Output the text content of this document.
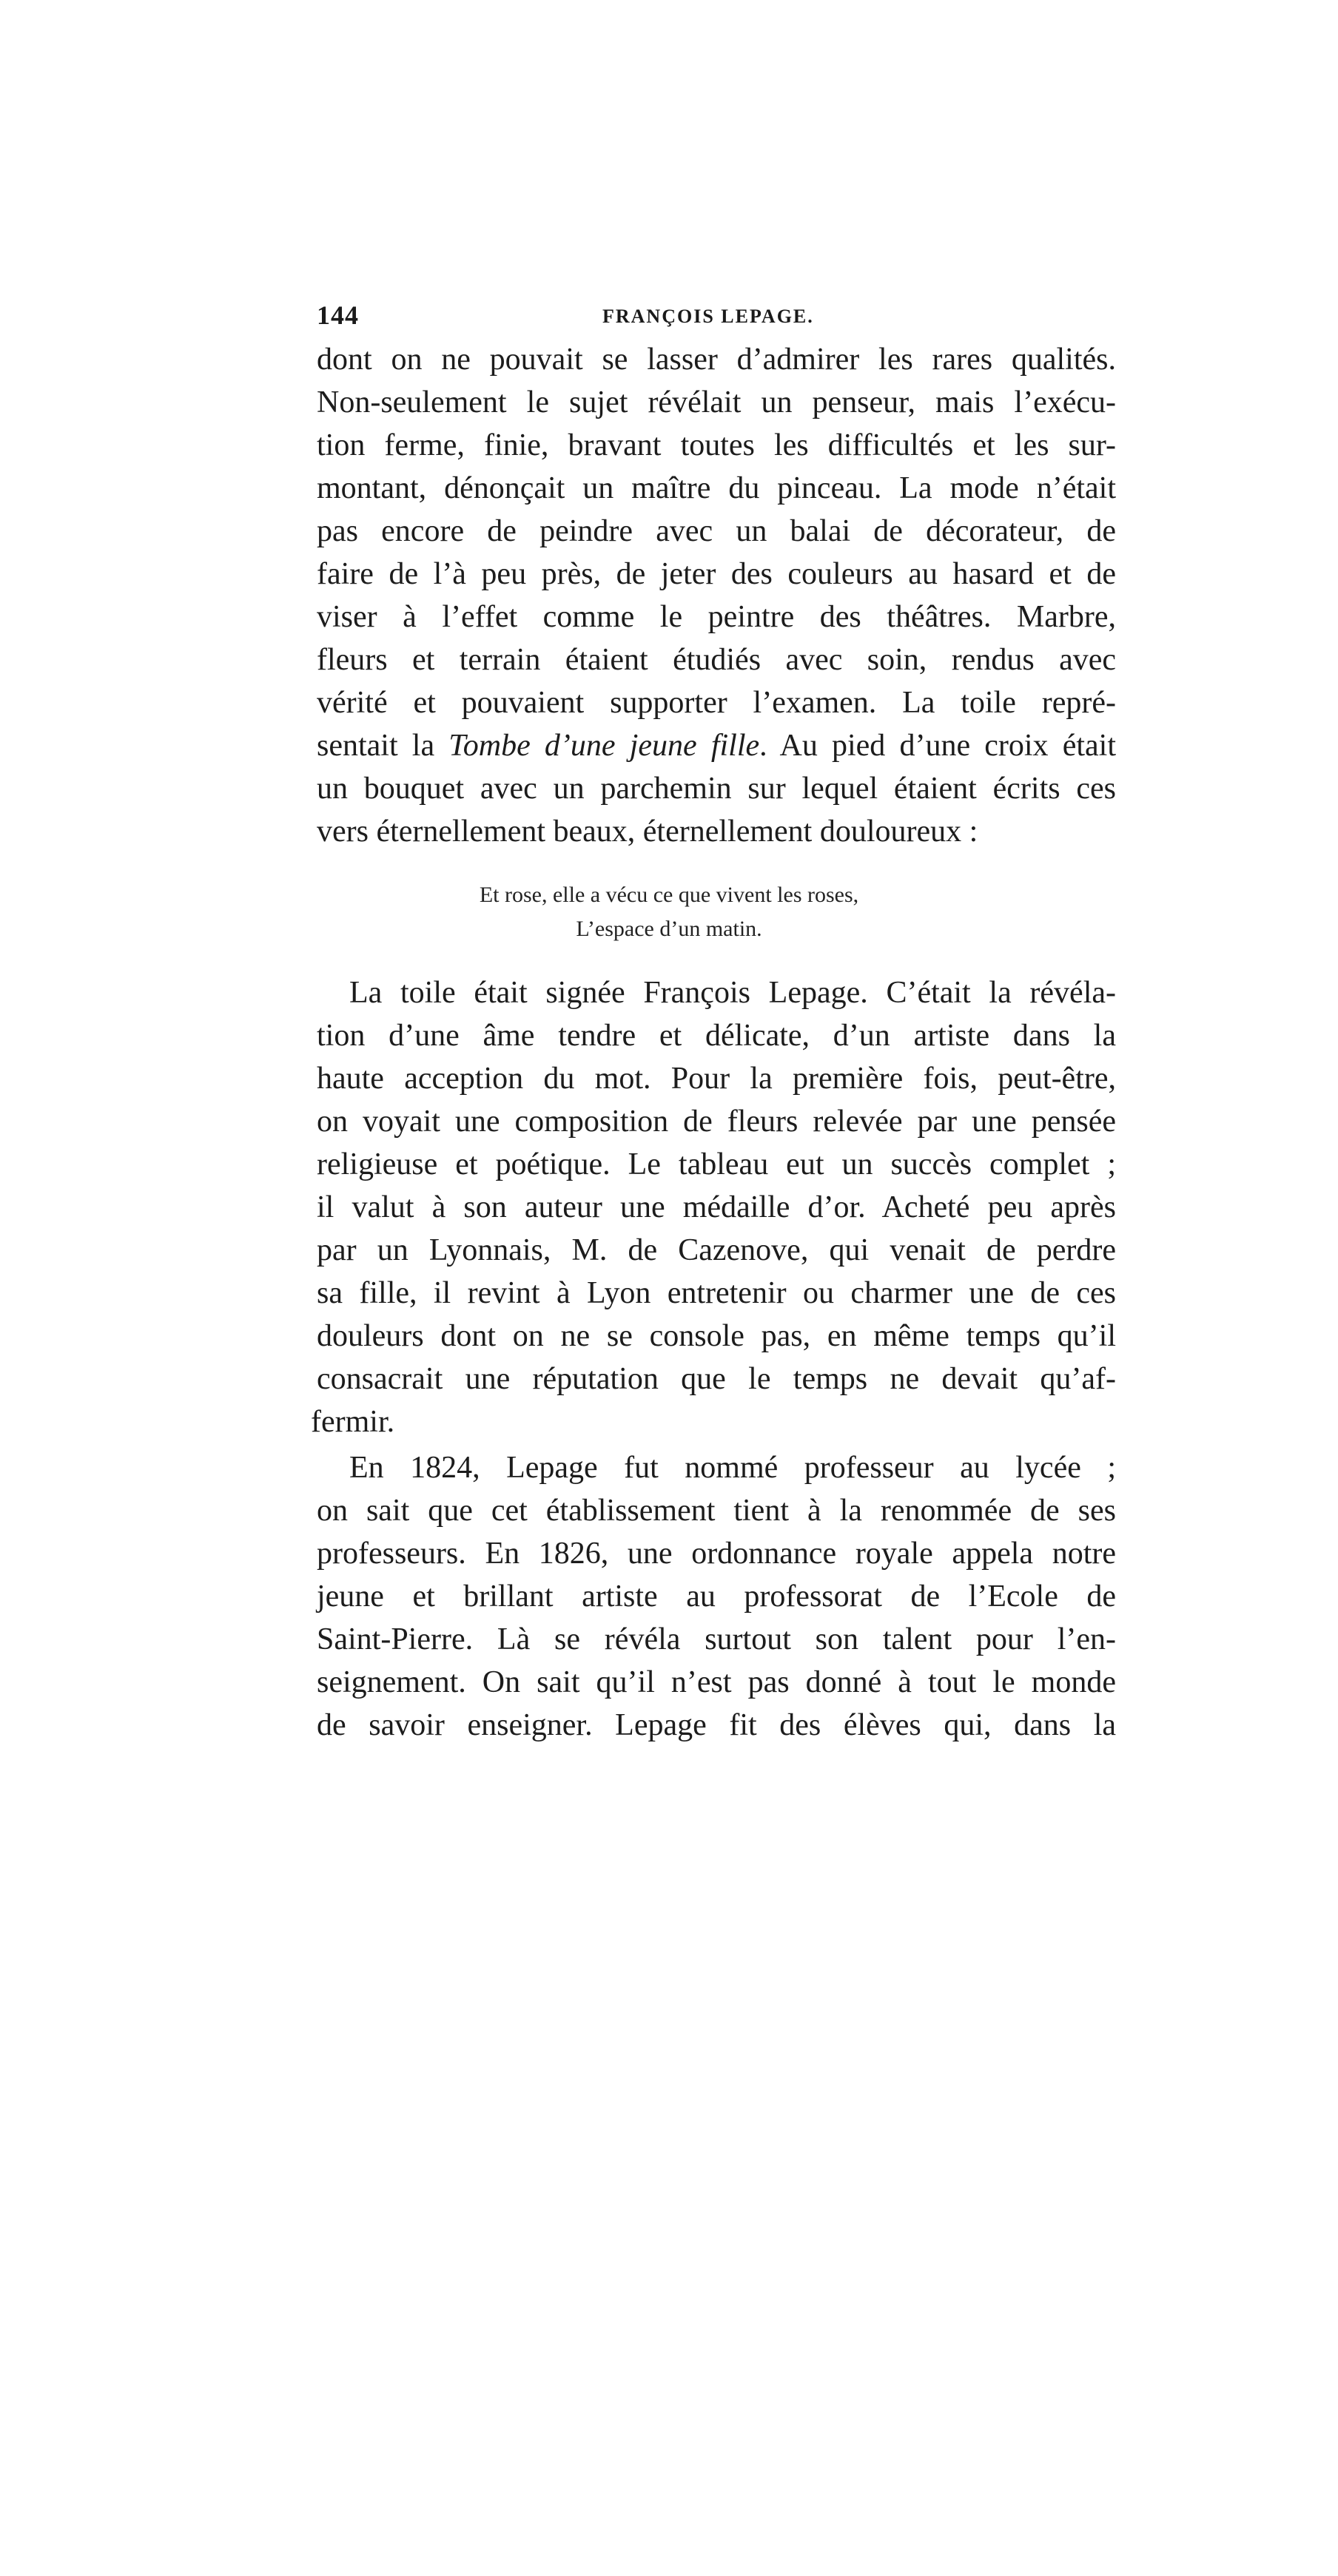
144	FRANÇOIS LEPAGE.
dont on ne pouvait se lasser d’admirer les rares qualités.
Non-seulement le sujet révélait un penseur, mais l’exécu-
tion ferme, finie, bravant toutes les difficultés et les sur-
montant, dénonçait un maître du pinceau. La mode n’était
pas encore de peindre avec un balai de décorateur, de
faire de l’à peu près, de jeter des couleurs au hasard et de
viser à l’effet comme le peintre des théâtres. Marbre,
fleurs et terrain étaient étudiés avec soin, rendus avec
vérité et pouvaient supporter l’examen. La toile repré-
sentait la Tombe d’une jeune fille. Au pied d’une croix était
un bouquet avec un parchemin sur lequel étaient écrits ces
vers éternellement beaux, éternellement douloureux :
Et rose, elle a vécu ce que vivent les roses,
L’espace d’un matin.
La toile était signée François Lepage. C’était la révéla-
tion d’une âme tendre et délicate, d’un artiste dans la
haute acception du mot. Pour la première fois, peut-être,
on voyait une composition de fleurs relevée par une pensée
religieuse et poétique. Le tableau eut un succès complet ;
il valut à son auteur une médaille d’or. Acheté peu après
par un Lyonnais, M. de Cazenove, qui venait de perdre
sa fille, il revint à Lyon entretenir ou charmer une de ces
douleurs dont on ne se console pas, en même temps qu’il
consacrait une réputation que le temps ne devait qu’af-
fermir.
En 1824, Lepage fut nommé professeur au lycée ;
on sait que cet établissement tient à la renommée de ses
professeurs. En 1826, une ordonnance royale appela notre
jeune et brillant artiste au professorat de l’Ecole de
Saint-Pierre. Là se révéla surtout son talent pour l’en-
seignement. On sait qu’il n’est pas donné à tout le monde
de savoir enseigner. Lepage fit des élèves qui, dans la
